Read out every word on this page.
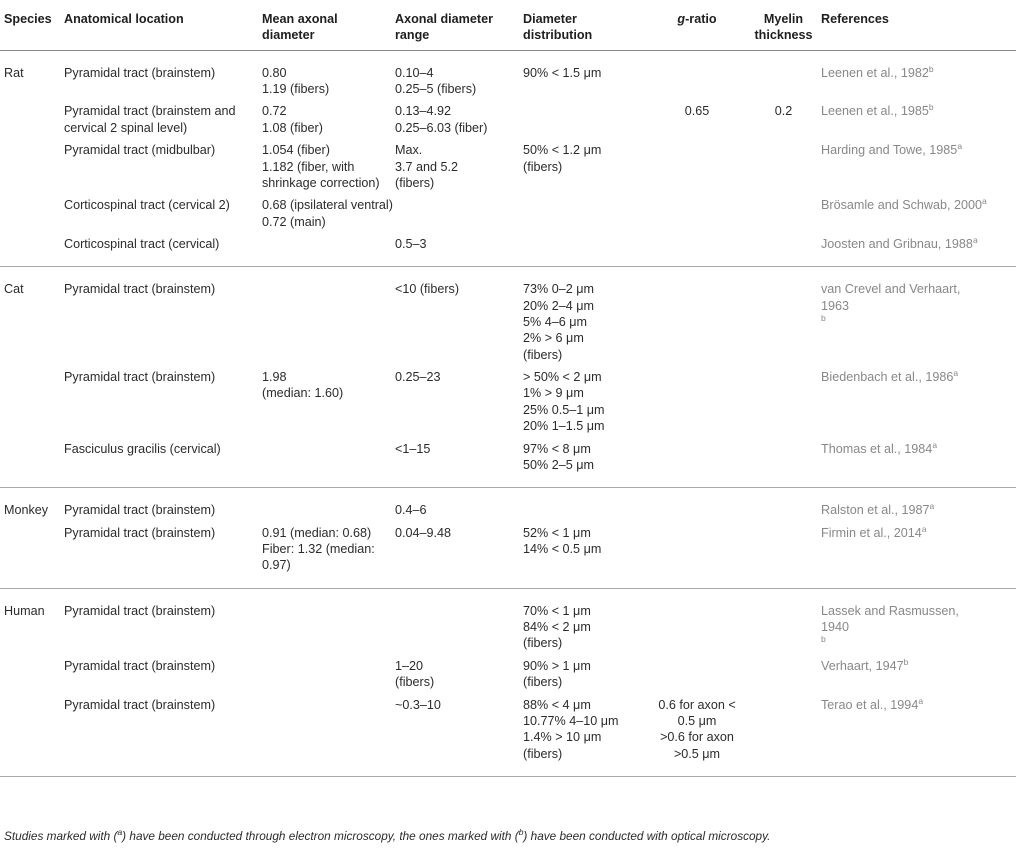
Species	Anatomical location	Mean axonal
diameter	Axonal diameter
range	Diameter
distribution	g-ratio	Myelin
thickness	References
Rat	Pyramidal tract (brainstem)	0.80
1.19 (fibers)	0.10–4
0.25–5 (fibers)	90% < 1.5 μm			Leenen et al., 1982$^b$

	Pyramidal tract (brainstem and
cervical 2 spinal level)	0.72
1.08 (fiber)	0.13–4.92
0.25–6.03 (fiber)		0.65	0.2	Leenen et al., 1985$^b$

	Pyramidal tract (midbulbar)	1.054 (fiber)
1.182 (fiber, with
shrinkage correction)	Max.
3.7 and 5.2
(fibers)	50% < 1.2 μm
(fibers)			Harding and Towe, 1985$^a$

	Corticospinal tract (cervical 2)	0.68 (ipsilateral ventral)
0.72 (main)					Brösamle and Schwab, 2000$^a$

	Corticospinal tract (cervical)		0.5–3				Joosten and Gribnau, 1988$^a$

Cat	Pyramidal tract (brainstem)		<10 (fibers)	73% 0–2 μm
20% 2–4 μm
5% 4–6 μm
2% > 6 μm
(fibers)			van Crevel and Verhaart,
1963
$^b$

	Pyramidal tract (brainstem)	1.98
(median: 1.60)	0.25–23	> 50% < 2 μm
1% > 9 μm
25% 0.5–1 μm
20% 1–1.5 μm			Biedenbach et al., 1986$^a$

	Fasciculus gracilis (cervical)		<1–15	97% < 8 μm
50% 2–5 μm			Thomas et al., 1984$^a$

Monkey	Pyramidal tract (brainstem)		0.4–6				Ralston et al., 1987$^a$

	Pyramidal tract (brainstem)	0.91 (median: 0.68)
Fiber: 1.32 (median:
0.97)	0.04–9.48	52% < 1 μm
14% < 0.5 μm			Firmin et al., 2014$^a$

Human	Pyramidal tract (brainstem)			70% < 1 μm
84% < 2 μm
(fibers)			Lassek and Rasmussen,
1940
$^b$

	Pyramidal tract (brainstem)		1–20
(fibers)	90% > 1 μm
(fibers)			Verhaart, 1947$^b$

	Pyramidal tract (brainstem)		~0.3–10	88% < 4 μm
10.77% 4–10 μm
1.4% > 10 μm
(fibers)	0.6 for axon <
0.5 μm
>0.6 for axon
>0.5 μm		Terao et al., 1994$^a$
Studies marked with ($^a$) have been conducted through electron microscopy, the ones marked with ($^b$) have been conducted with optical microscopy.
